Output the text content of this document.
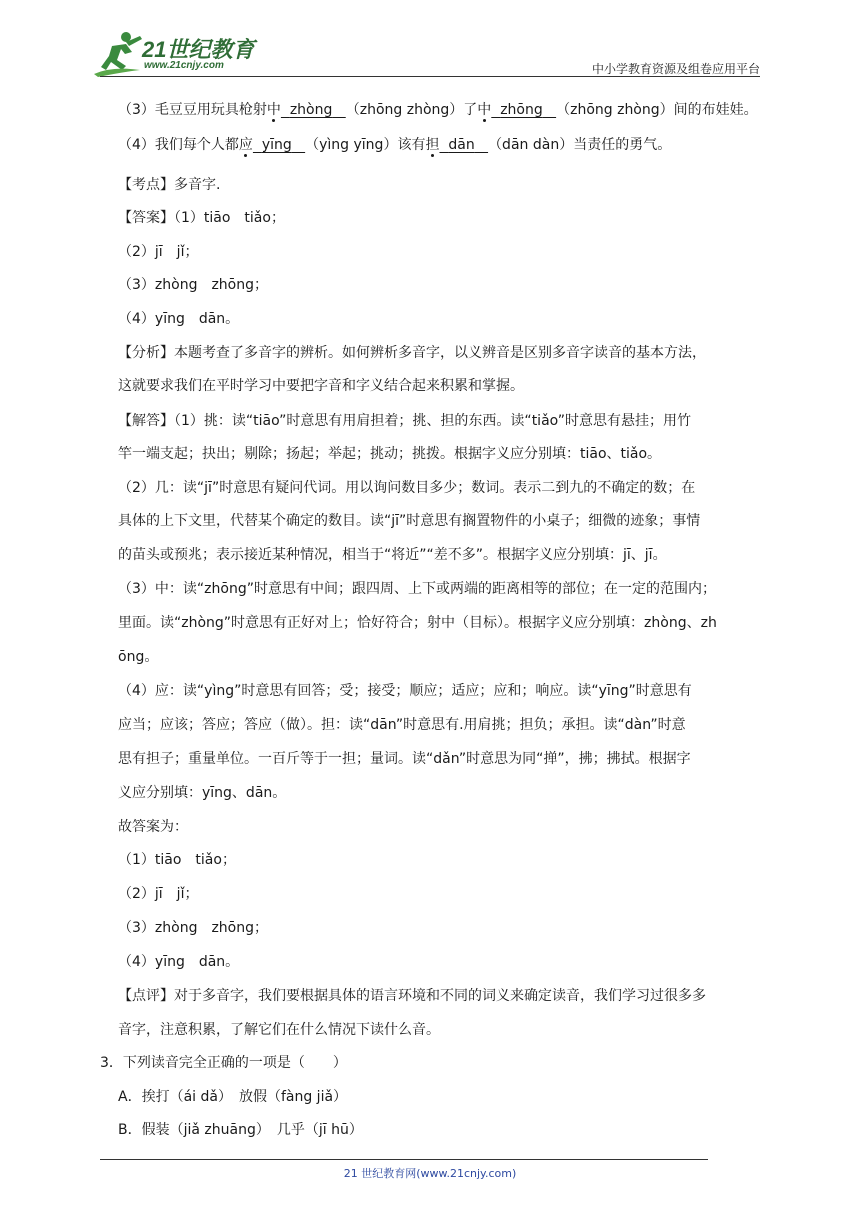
21世纪教育
www.21cnjy.com	中小学教育资源及组卷应用平台
（3）毛豆豆用玩具枪射中 zhòng （zhōng zhòng）了中 zhōng （zhōng zhòng）间的布娃娃。
（4）我们每个人都应 yīng （yìng yīng）该有担 dān （dān dàn）当责任的勇气。
【考点】多音字.
【答案】（1）tiāo　tiǎo；
（2）jī　jǐ；
（3）zhòng　zhōng；
（4）yīng　dān。
【分析】本题考查了多音字的辨析。如何辨析多音字，以义辨音是区别多音字读音的基本方法，
这就要求我们在平时学习中要把字音和字义结合起来积累和掌握。
【解答】（1）挑：读“tiāo”时意思有用肩担着；挑、担的东西。读“tiǎo”时意思有悬挂；用竹
竿一端支起；抉出；剔除；扬起；举起；挑动；挑拨。根据字义应分别填：tiāo、tiǎo。
（2）几：读“jī”时意思有疑问代词。用以询问数目多少；数词。表示二到九的不确定的数；在
具体的上下文里，代替某个确定的数目。读“jī”时意思有搁置物件的小桌子；细微的迹象；事情
的苗头或预兆；表示接近某种情况，相当于“将近”“差不多”。根据字义应分别填：jī、jī。
（3）中：读“zhōng”时意思有中间；跟四周、上下或两端的距离相等的部位；在一定的范围内；
里面。读“zhòng”时意思有正好对上；恰好符合；射中（目标）。根据字义应分别填：zhòng、zh
ōng。
（4）应：读“yìng”时意思有回答；受；接受；顺应；适应；应和；响应。读“yīng”时意思有
应当；应该；答应；答应（做）。担：读“dān”时意思有.用肩挑；担负；承担。读“dàn”时意
思有担子；重量单位。一百斤等于一担；量词。读“dǎn”时意思为同“掸”，拂；拂拭。根据字
义应分别填：yīng、dān。
故答案为：
（1）tiāo　tiǎo；
（2）jī　jǐ；
（3）zhòng　zhōng；
（4）yīng　dān。
【点评】对于多音字，我们要根据具体的语言环境和不同的词义来确定读音，我们学习过很多多
音字，注意积累，了解它们在什么情况下读什么音。
3．下列读音完全正确的一项是（　　）
A．挨打（ái dǎ）　放假（fàng jiǎ）
B．假装（jiǎ zhuāng）　几乎（jī hū）
21 世纪教育网(www.21cnjy.com)
